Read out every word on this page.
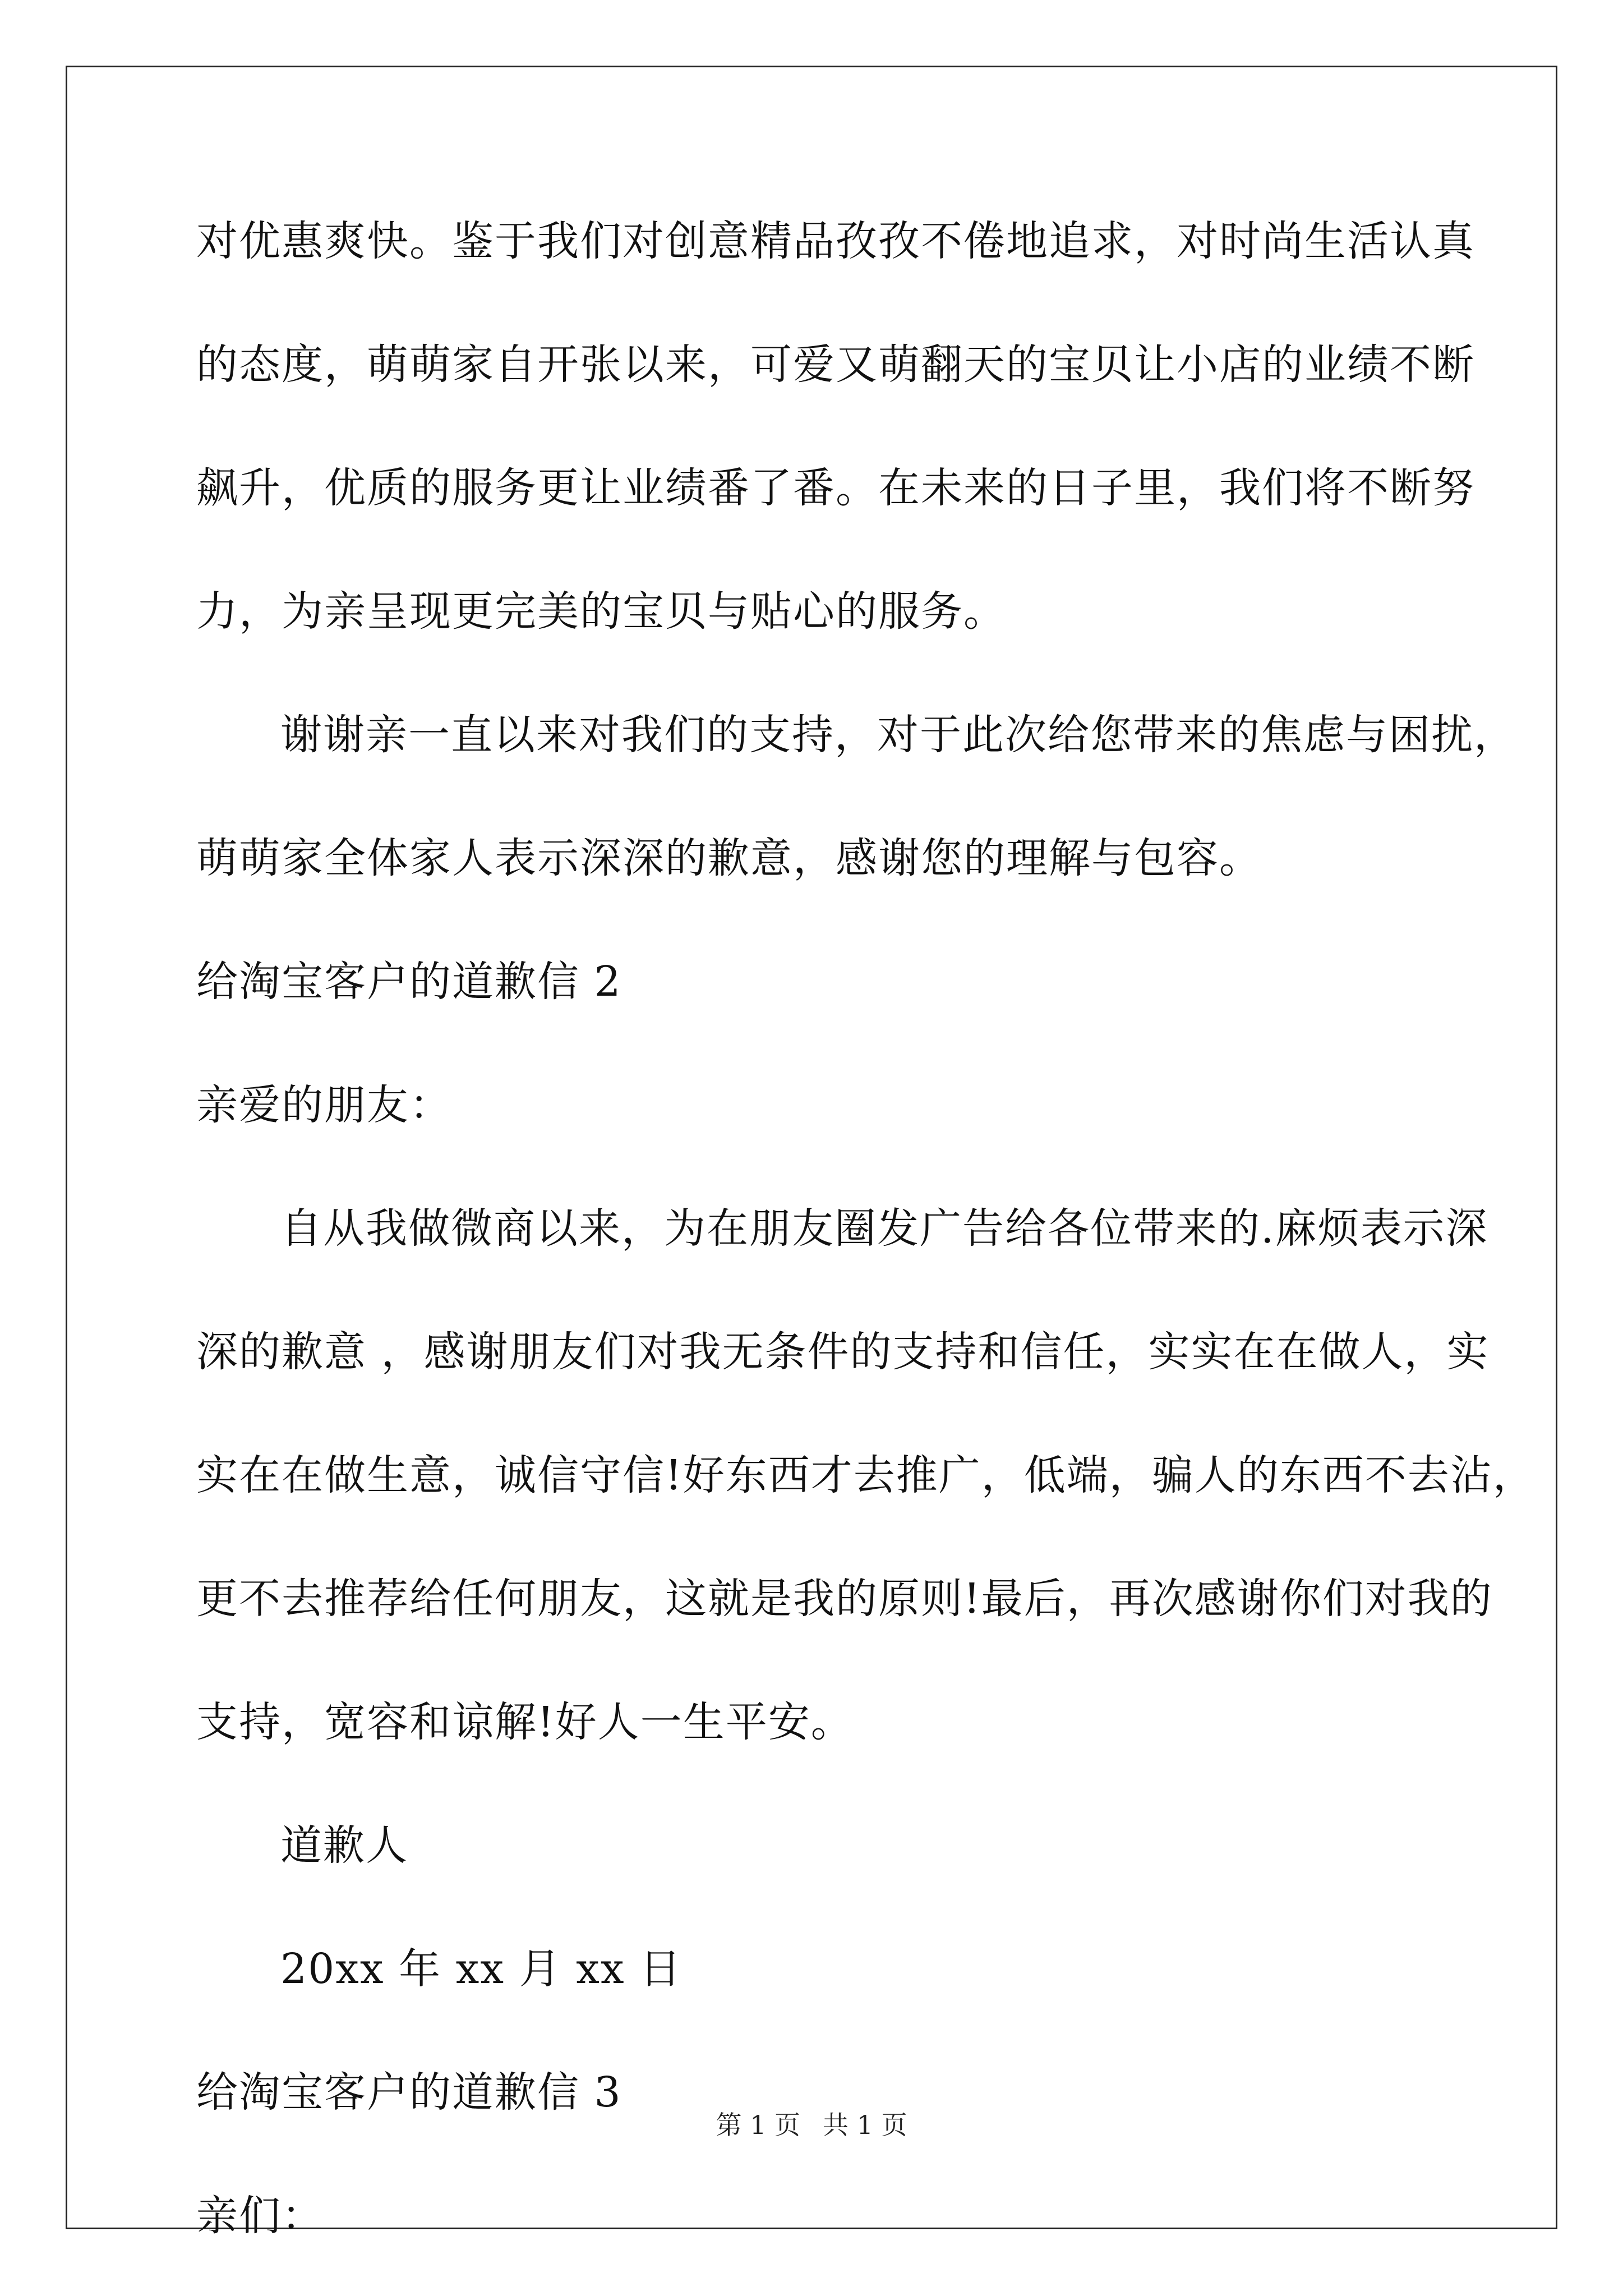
对优惠爽快。鉴于我们对创意精品孜孜不倦地追求，对时尚生活认真
的态度，萌萌家自开张以来，可爱又萌翻天的宝贝让小店的业绩不断
飙升，优质的服务更让业绩番了番。在未来的日子里，我们将不断努
力，为亲呈现更完美的宝贝与贴心的服务。
谢谢亲一直以来对我们的支持，对于此次给您带来的焦虑与困扰，
萌萌家全体家人表示深深的歉意，感谢您的理解与包容。
给淘宝客户的道歉信 2
亲爱的朋友：
自从我做微商以来，为在朋友圈发广告给各位带来的.麻烦表示深
深的歉意 ，感谢朋友们对我无条件的支持和信任，实实在在做人，实
实在在做生意，诚信守信!好东西才去推广，低端，骗人的东西不去沾，
更不去推荐给任何朋友，这就是我的原则!最后，再次感谢你们对我的
支持，宽容和谅解!好人一生平安。
道歉人
20xx 年 xx 月 xx 日
给淘宝客户的道歉信 3
亲们：
第 1 页 共 1 页
